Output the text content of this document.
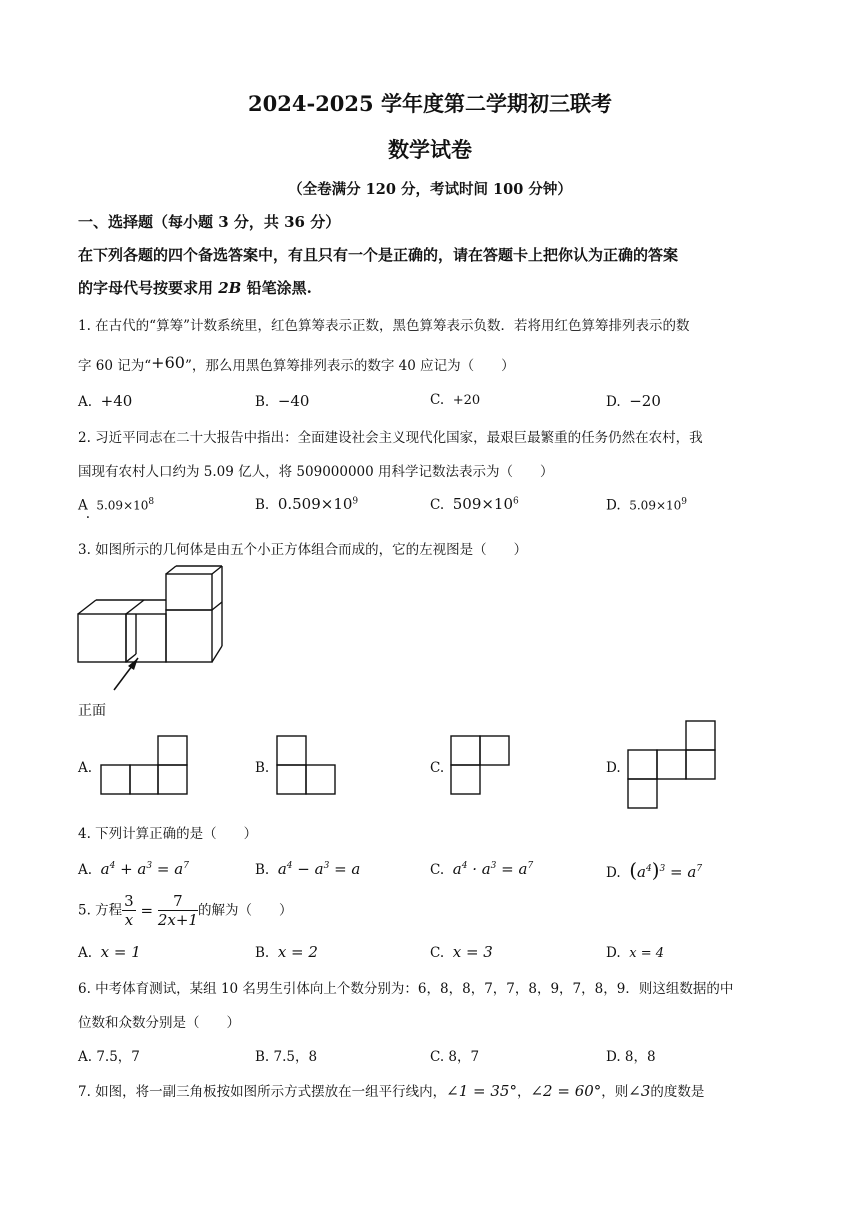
2024-2025 学年度第二学期初三联考
数学试卷
（全卷满分 120 分，考试时间 100 分钟）
一、选择题（每小题 3 分，共 36 分）
在下列各题的四个备选答案中，有且只有一个是正确的，请在答题卡上把你认为正确的答案
的字母代号按要求用 2B 铅笔涂黑.
1. 在古代的“算筹”计数系统里，红色算筹表示正数，黑色算筹表示负数．若将用红色算筹排列表示的数
字 60 记为“+60”，那么用黑色算筹排列表示的数字 40 应记为（　　）
A. +40	B. −40	C. +20	D. −20
2. 习近平同志在二十大报告中指出：全面建设社会主义现代化国家，最艰巨最繁重的任务仍然在农村，我
国现有农村人口约为 5.09 亿人，将 509000000 用科学记数法表示为（　　）
A. $5.09\times 10^8$	B. $0.509\times 10^9$	C. $509\times 10^6$	D. $5.09\times 10^9$
3. 如图所示的几何体是由五个小正方体组合而成的，它的左视图是（　　）
正面
A.	B.	C.	D.
4. 下列计算正确的是（　　）
A. $a^4 + a^3 = a^7$	B. $a^4 - a^3 = a$	C. $a^4 \cdot a^3 = a^7$	D. $(a^4)^3 = a^7$
5. 方程 $\frac{3}{x} = \frac{7}{2x+1}$ 的解为（　　）
A. x = 1	B. x = 2	C. x = 3	D. x = 4
6. 中考体育测试，某组 10 名男生引体向上个数分别为：6，8，8，7，7，8，9，7，8，9．则这组数据的中
位数和众数分别是（　　）
A. 7.5，7	B. 7.5，8	C. 8，7	D. 8，8
7. 如图，将一副三角板按如图所示方式摆放在一组平行线内，∠1 = 35°，∠2 = 60°，则∠3的度数是
